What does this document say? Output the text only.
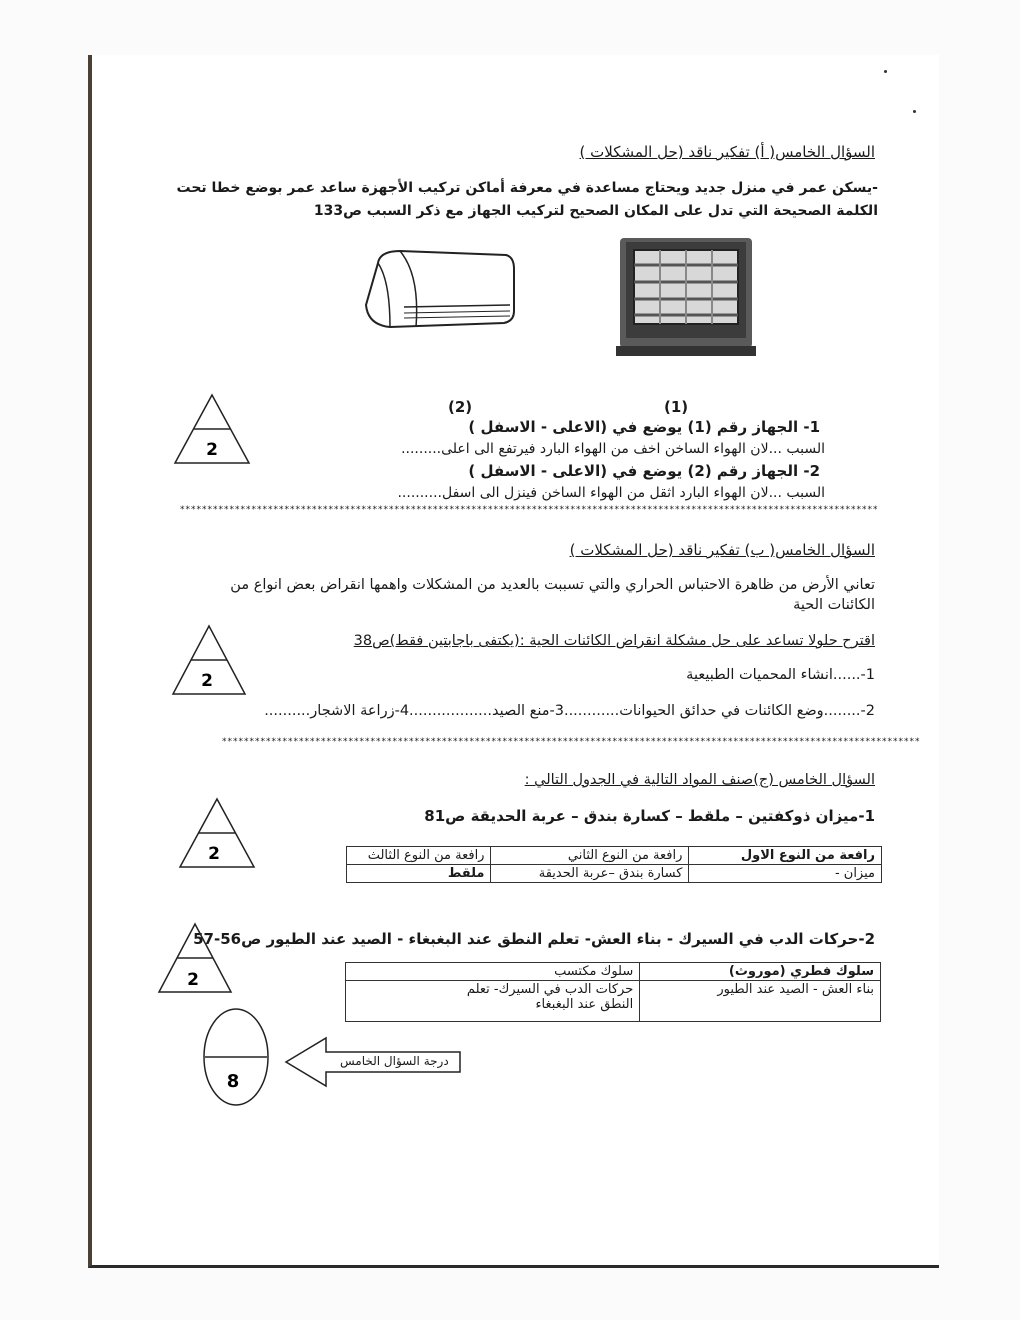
السؤال الخامس( أ) تفكير ناقد (حل المشكلات )
-يسكن عمر في منزل جديد ويحتاج مساعدة في معرفة أماكن تركيب الأجهزة ساعد عمر بوضع خطا تحت
الكلمة الصحيحة التي تدل على المكان الصحيح لتركيب الجهاز مع ذكر السبب ص133
(1)
(2)
1- الجهاز رقم (1) يوضع في (الاعلى - الاسفل )
السبب ...لان الهواء الساخن اخف من الهواء البارد فيرتفع الى اعلى.........
2- الجهاز رقم (2) يوضع في (الاعلى - الاسفل )
السبب ...لان الهواء البارد اثقل من الهواء الساخن فينزل الى اسفل..........
2
*******************************************************************************************************************************
السؤال الخامس( ب) تفكير ناقد (حل المشكلات )
تعاني الأرض من ظاهرة الاحتباس الحراري والتي تسببت بالعديد من المشكلات واهمها انقراض بعض انواع من
الكائنات الحية
اقترح حلولا تساعد على حل مشكلة انقراض الكائنات الحية :(يكتفى باجابتين فقط)ص38
1-......انشاء المحميات الطبيعية
2-........وضع الكائنات في حدائق الحيوانات............3-منع الصيد..................4-زراعة الاشجار..........
2
*******************************************************************************************************************************
السؤال الخامس (ج)صنف المواد التالية في الجدول التالي :
1-ميزان ذوكفتين – ملقط – كسارة بندق – عربة الحديقة ص81
رافعة من النوع الاول	رافعة من النوع الثاني	رافعة من النوع الثالث
ميزان -	كسارة بندق –عربة الحديقة	ملقط
2
2-حركات الدب في السيرك - بناء العش- تعلم النطق عند البغبغاء - الصيد عند الطيور ص56-57
سلوك فطري (موروث)	سلوك مكتسب
بناء العش - الصيد عند الطيور	حركات الدب في السيرك- تعلم النطق عند البغبغاء
2
8
درجة السؤال الخامس
